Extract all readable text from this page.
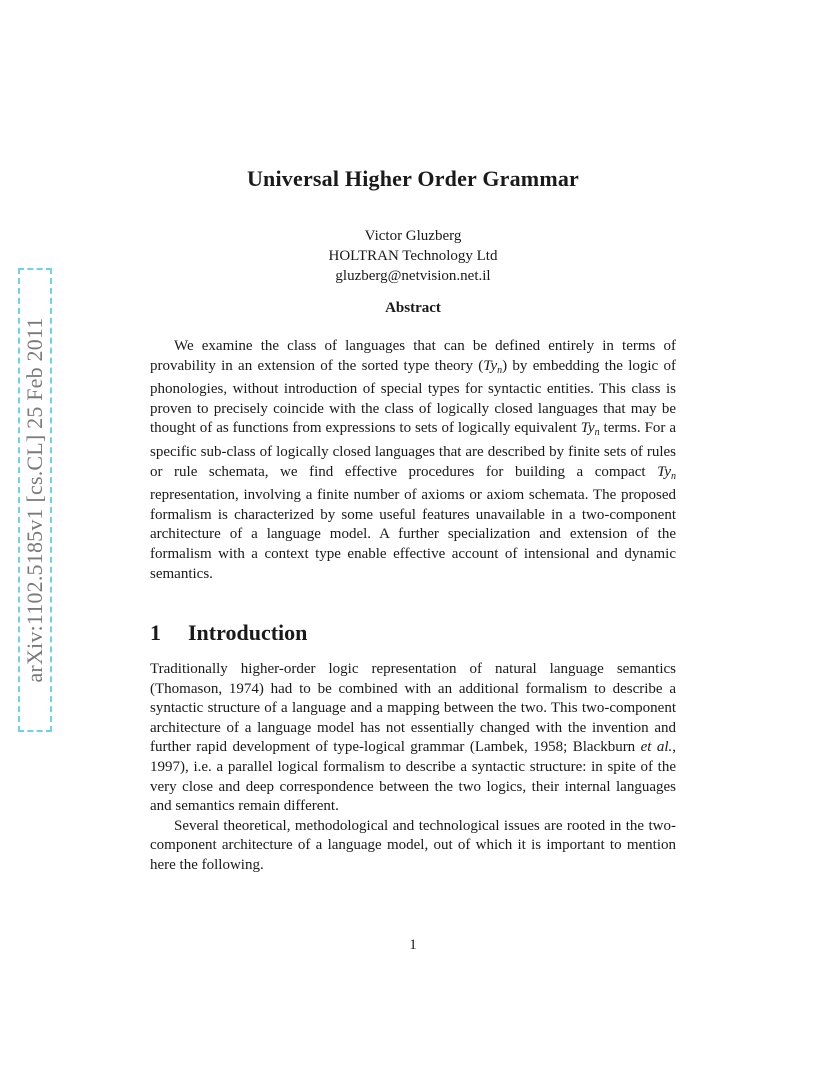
arXiv:1102.5185v1 [cs.CL] 25 Feb 2011
Universal Higher Order Grammar
Victor Gluzberg
HOLTRAN Technology Ltd
gluzberg@netvision.net.il
Abstract

We examine the class of languages that can be defined entirely in terms of provability in an extension of the sorted type theory $(Ty_n)$ by embedding the logic of phonologies, without introduction of special types for syntactic entities. This class is proven to precisely coincide with the class of logically closed languages that may be thought of as functions from expressions to sets of logically equivalent $Ty_n$ terms. For a specific sub-class of logically closed languages that are described by finite sets of rules or rule schemata, we find effective procedures for building a compact $Ty_n$ representation, involving a finite number of axioms or axiom schemata. The proposed formalism is characterized by some useful features unavailable in a two-component architecture of a language model. A further specialization and extension of the formalism with a context type enable effective account of intensional and dynamic semantics.

1 Introduction

Traditionally higher-order logic representation of natural language semantics (Thomason, 1974) had to be combined with an additional formalism to describe a syntactic structure of a language and a mapping between the two. This two-component architecture of a language model has not essentially changed with the invention and further rapid development of type-logical grammar (Lambek, 1958; Blackburn et al., 1997), i.e. a parallel logical formalism to describe a syntactic structure: in spite of the very close and deep correspondence between the two logics, their internal languages and semantics remain different.

Several theoretical, methodological and technological issues are rooted in the two-component architecture of a language model, out of which it is important to mention here the following.

1
